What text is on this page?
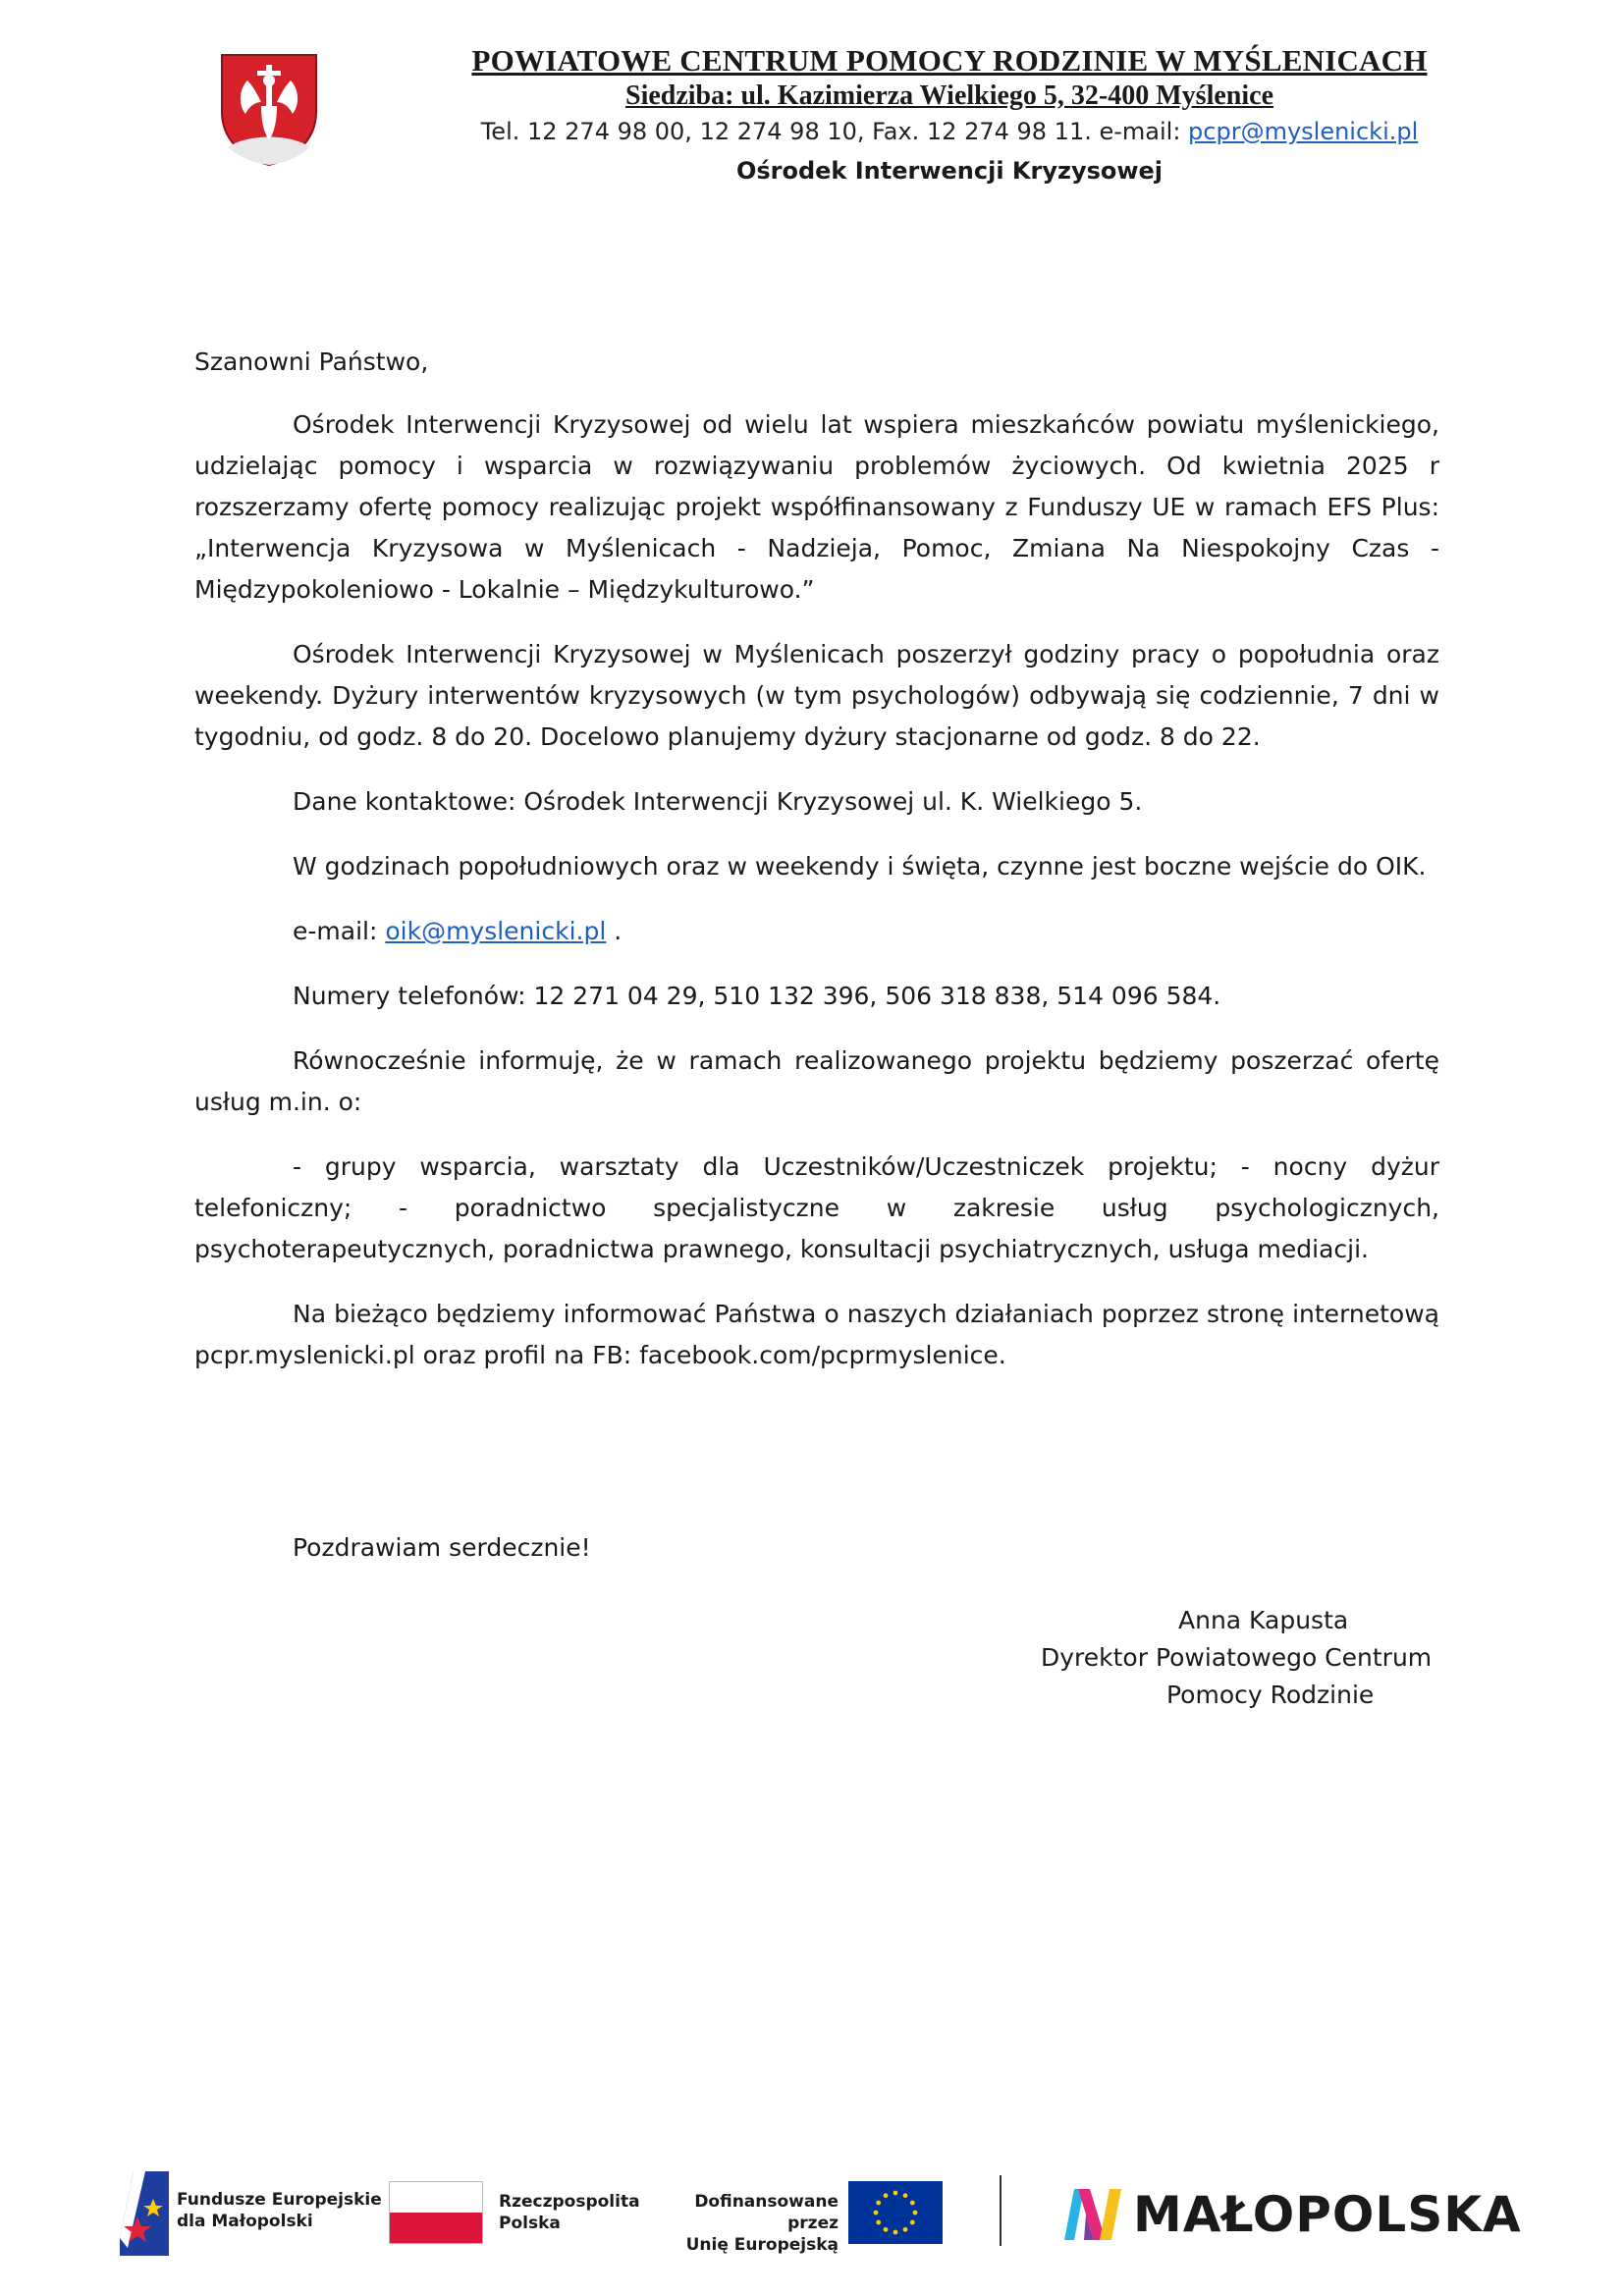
POWIATOWE CENTRUM POMOCY RODZINIE W MYŚLENICACH
Siedziba: ul. Kazimierza Wielkiego 5, 32-400 Myślenice
Tel. 12 274 98 00, 12 274 98 10, Fax. 12 274 98 11. e-mail: pcpr@myslenicki.pl
Ośrodek Interwencji Kryzysowej

Szanowni Państwo,

Ośrodek Interwencji Kryzysowej od wielu lat wspiera mieszkańców powiatu myślenickiego, udzielając pomocy i wsparcia w rozwiązywaniu problemów życiowych. Od kwietnia 2025 r rozszerzamy ofertę pomocy realizując projekt współfinansowany z Funduszy UE w ramach EFS Plus: „Interwencja Kryzysowa w Myślenicach - Nadzieja, Pomoc, Zmiana Na Niespokojny Czas - Międzypokoleniowo - Lokalnie – Międzykulturowo.”

Ośrodek Interwencji Kryzysowej w Myślenicach poszerzył godziny pracy o popołudnia oraz weekendy. Dyżury interwentów kryzysowych (w tym psychologów) odbywają się codziennie, 7 dni w tygodniu, od godz. 8 do 20. Docelowo planujemy dyżury stacjonarne od godz. 8 do 22.

Dane kontaktowe: Ośrodek Interwencji Kryzysowej ul. K. Wielkiego 5.

W godzinach popołudniowych oraz w weekendy i święta, czynne jest boczne wejście do OIK.

e-mail: oik@myslenicki.pl .

Numery telefonów: 12 271 04 29, 510 132 396, 506 318 838, 514 096 584.

Równocześnie informuję, że w ramach realizowanego projektu będziemy poszerzać ofertę usług m.in. o:

- grupy wsparcia, warsztaty dla Uczestników/Uczestniczek projektu; - nocny dyżur telefoniczny; - poradnictwo specjalistyczne w zakresie usług psychologicznych, psychoterapeutycznych, poradnictwa prawnego, konsultacji psychiatrycznych, usługa mediacji.

Na bieżąco będziemy informować Państwa o naszych działaniach poprzez stronę internetową pcpr.myslenicki.pl oraz profil na FB: facebook.com/pcprmyslenice.

Pozdrawiam serdecznie!
Anna Kapusta
Dyrektor Powiatowego Centrum
Pomocy Rodzinie
Fundusze Europejskie
dla Małopolski
Rzeczpospolita
Polska
Dofinansowane przez
Unię Europejską
MAŁOPOLSKA
